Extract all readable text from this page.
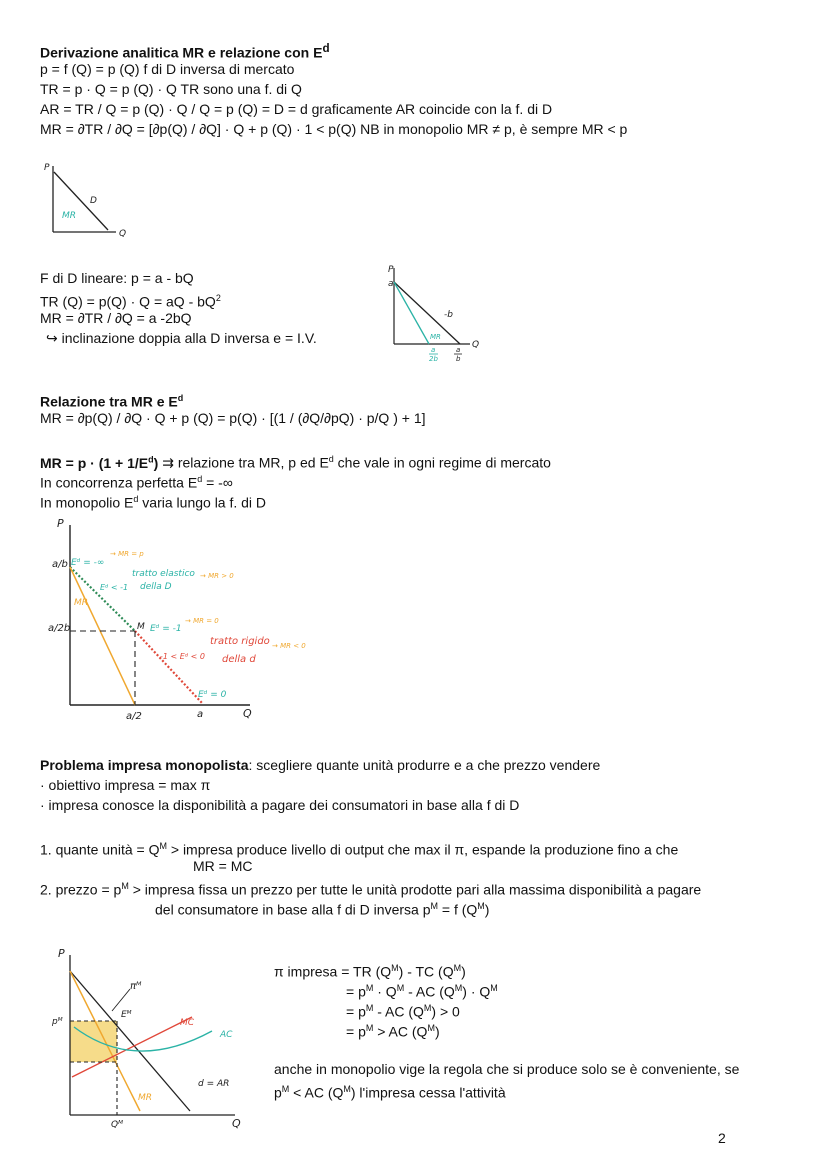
Derivazione analitica MR e relazione con $E^d$
p = f (Q) = p (Q) f di D inversa di mercato
TR = p · Q = p (Q) · Q TR sono una f. di Q
AR = TR / Q = p (Q) · Q / Q = p (Q) = D = d graficamente AR coincide con la f. di D
MR = ∂TR / ∂Q = [∂p(Q) / ∂Q] · Q + p (Q) · 1 < p(Q) NB in monopolio MR ≠ p, è sempre MR < p
P
Q
D
MR
F di D lineare: p = a - bQ
TR (Q) = p(Q) · Q = aQ - $bQ^2$
MR = ∂TR / ∂Q = a -2bQ
↪ inclinazione doppia alla D inversa e = I.V.
P
a
-b
Q
MR
a
2b
a
b
Relazione tra MR e $E^d$
MR = ∂p(Q) / ∂Q · Q + p (Q) = p(Q) · [(1 / (∂Q/∂pQ) · p/Q ) + 1]
MR = $p \cdot (1 + 1/E^d)$ ⇉ relazione tra MR, p ed $E^d$ che vale in ogni regime di mercato
In concorrenza perfetta $E^d$ = -∞
In monopolio $E^d$ varia lungo la f. di D
P
Q
a/b
a/2b
a/2	a
M
MR
Eᵈ = -∞
→ MR = p
tratto elastico
della D
→ MR > 0
Eᵈ < -1
Eᵈ = -1
→ MR = 0
tratto rigido
della d
→ MR < 0
-1 < Eᵈ < 0
Eᵈ = 0
Problema impresa monopolista: scegliere quante unità produrre e a che prezzo vendere
· obiettivo impresa = max π
· impresa conosce la disponibilità a pagare dei consumatori in base alla f di D
1. quante unità = $Q^M$ > impresa produce livello di output che max il π, espande la produzione fino a che
MR = MC
2. prezzo = $p^M$ > impresa fissa un prezzo per tutte le unità prodotte pari alla massima disponibilità a pagare
del consumatore in base alla f di D inversa $p^M = f$ $(Q^M)$
P
Q
pᴹ
Qᴹ
Eᴹ
πᴹ
MC
AC
MR
d = AR
π impresa = TR $(Q^M)$ - TC $(Q^M)$
= $p^M \cdot Q^M$ - AC $(Q^M) \cdot Q^M$
= $p^M$ - AC $(Q^M) > 0$
= $p^M$ > AC $(Q^M)$
anche in monopolio vige la regola che si produce solo se è conveniente, se
$p^M$ < AC $(Q^M)$ l'impresa cessa l'attività
2
